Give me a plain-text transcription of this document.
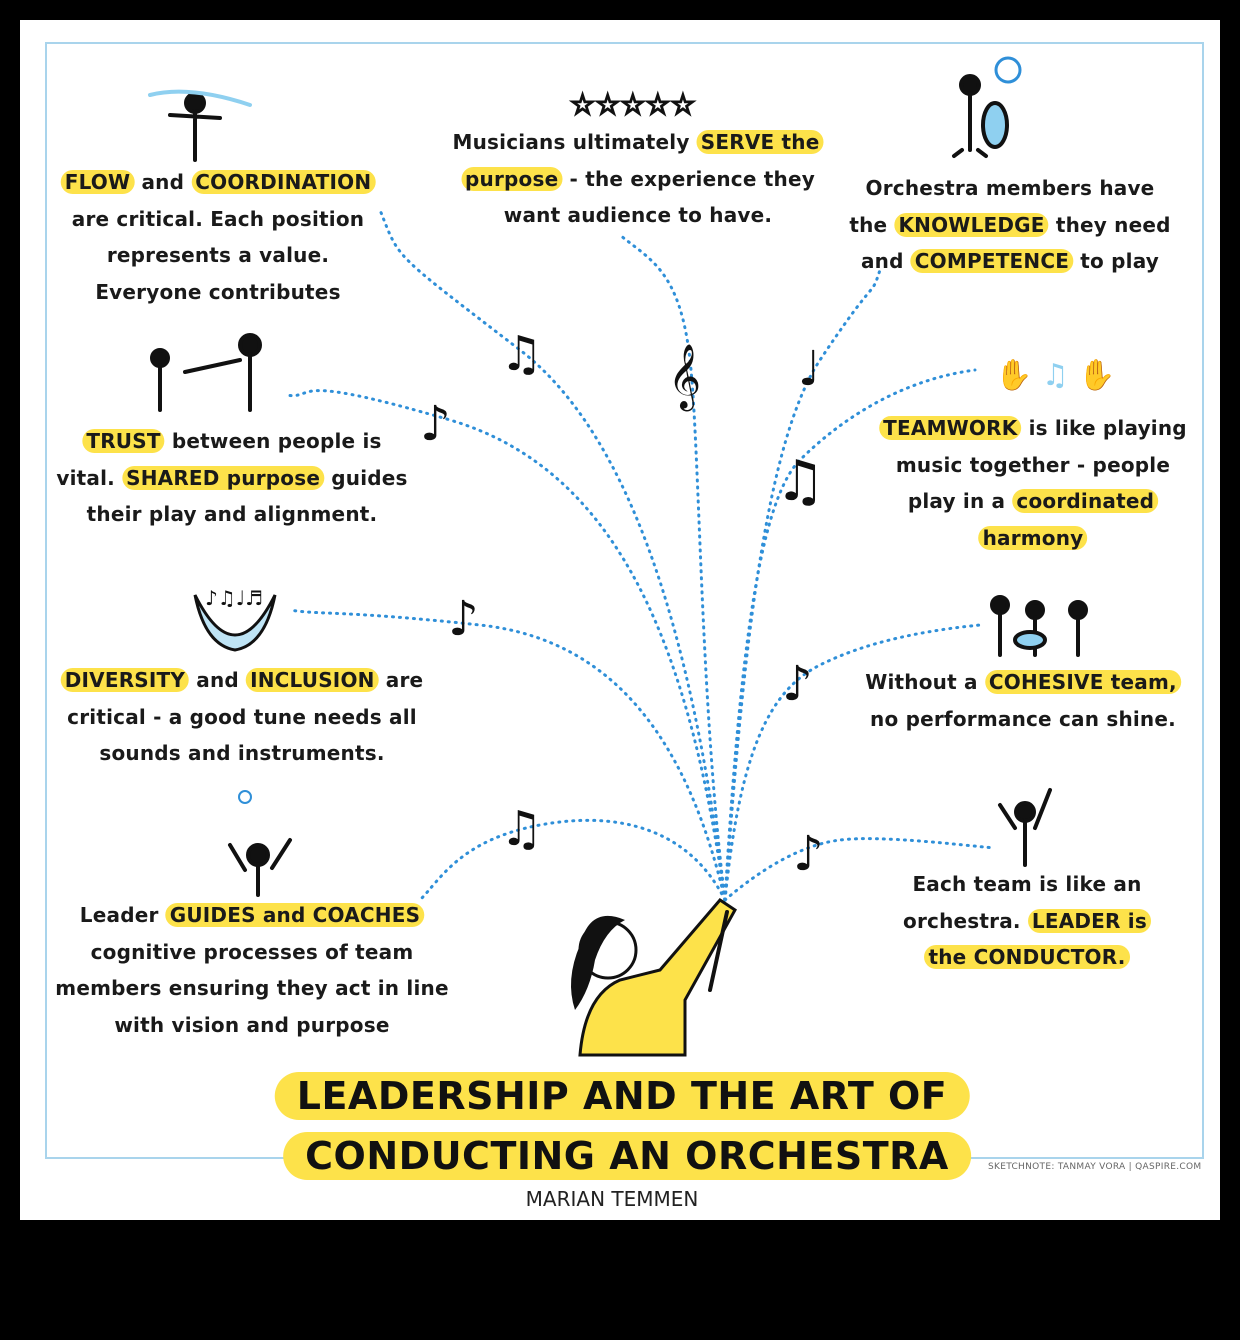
♫ 𝄞 ♩
♪
♫
♪
♪
♫	♪
☆☆☆☆☆
✋ ♫ ✋
♪♫♩♬
FLOW and COORDINATION
are critical. Each position
represents a value.
Everyone contributes
Musicians ultimately SERVE the
purpose - the experience they
want audience to have.
Orchestra members have
the KNOWLEDGE they need
and COMPETENCE to play
TRUST between people is
vital. SHARED purpose guides
their play and alignment.
TEAMWORK is like playing
music together - people
play in a coordinated
harmony
DIVERSITY and INCLUSION are
critical - a good tune needs all
sounds and instruments.
Without a COHESIVE team,
no performance can shine.
Leader GUIDES and COACHES
cognitive processes of team
members ensuring they act in line
with vision and purpose
Each team is like an
orchestra. LEADER is
the CONDUCTOR.
LEADERSHIP AND THE ART OF
CONDUCTING AN ORCHESTRA
MARIAN TEMMEN
SKETCHNOTE: TANMAY VORA | QASPIRE.COM
